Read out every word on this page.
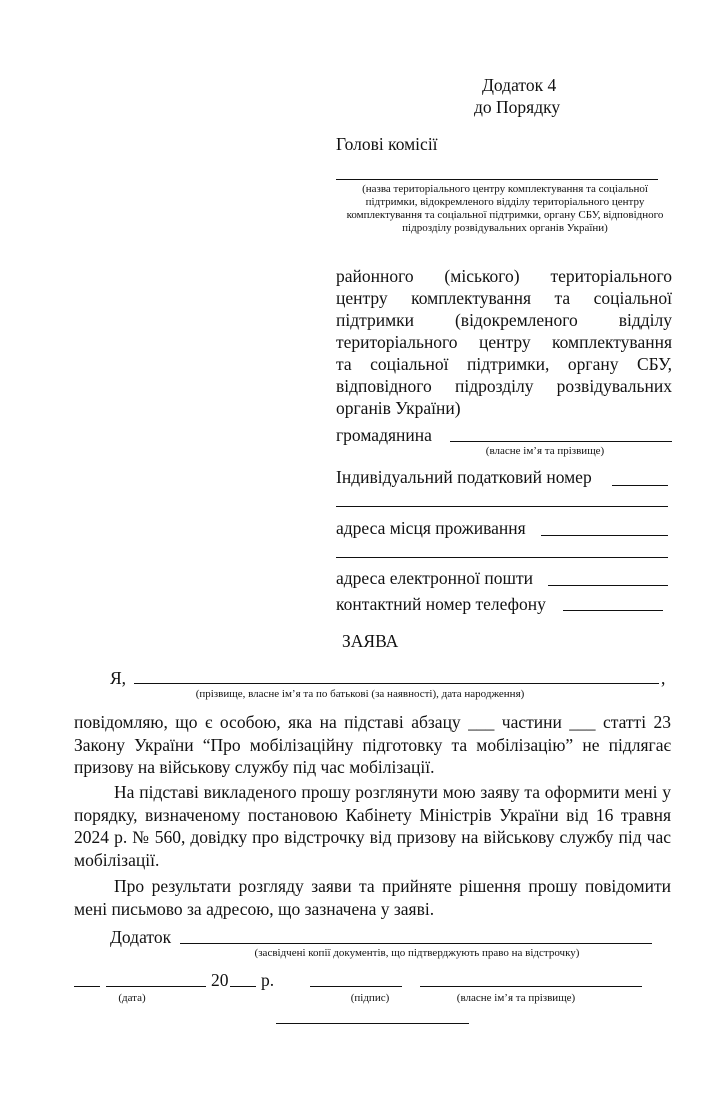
Додаток 4
до Порядку
Голові комісії
(назва територіального центру комплектування та соціальної підтримки, відокремленого відділу територіального центру комплектування та соціальної підтримки, органу СБУ, відповідного підрозділу розвідувальних органів України)
районного (міського) територіального
центру комплектування та соціальної
підтримки (відокремленого відділу
територіального центру комплектування
та соціальної підтримки, органу СБУ,
відповідного підрозділу розвідувальних
органів України)
громадянина
(власне ім’я та прізвище)
Індивідуальний податковий номер
адреса місця проживання
адреса електронної пошти
контактний номер телефону
ЗАЯВА
Я,	,
(прізвище, власне ім’я та по батькові (за наявності), дата народження)
повідомляю, що є особою, яка на підставі абзацу ___ частини ___ статті 23 Закону України “Про мобілізаційну підготовку та мобілізацію” не підлягає призову на військову службу під час мобілізації.
На підставі викладеного прошу розглянути мою заяву та оформити мені у порядку, визначеному постановою Кабінету Міністрів України від 16 травня 2024 р. № 560, довідку про відстрочку від призову на військову службу під час мобілізації.
Про результати розгляду заяви та прийняте рішення прошу повідомити мені письмово за адресою, що зазначена у заяві.
Додаток
(засвідчені копії документів, що підтверджують право на відстрочку)
20 р.
(дата)	(підпис)	(власне ім’я та прізвище)
